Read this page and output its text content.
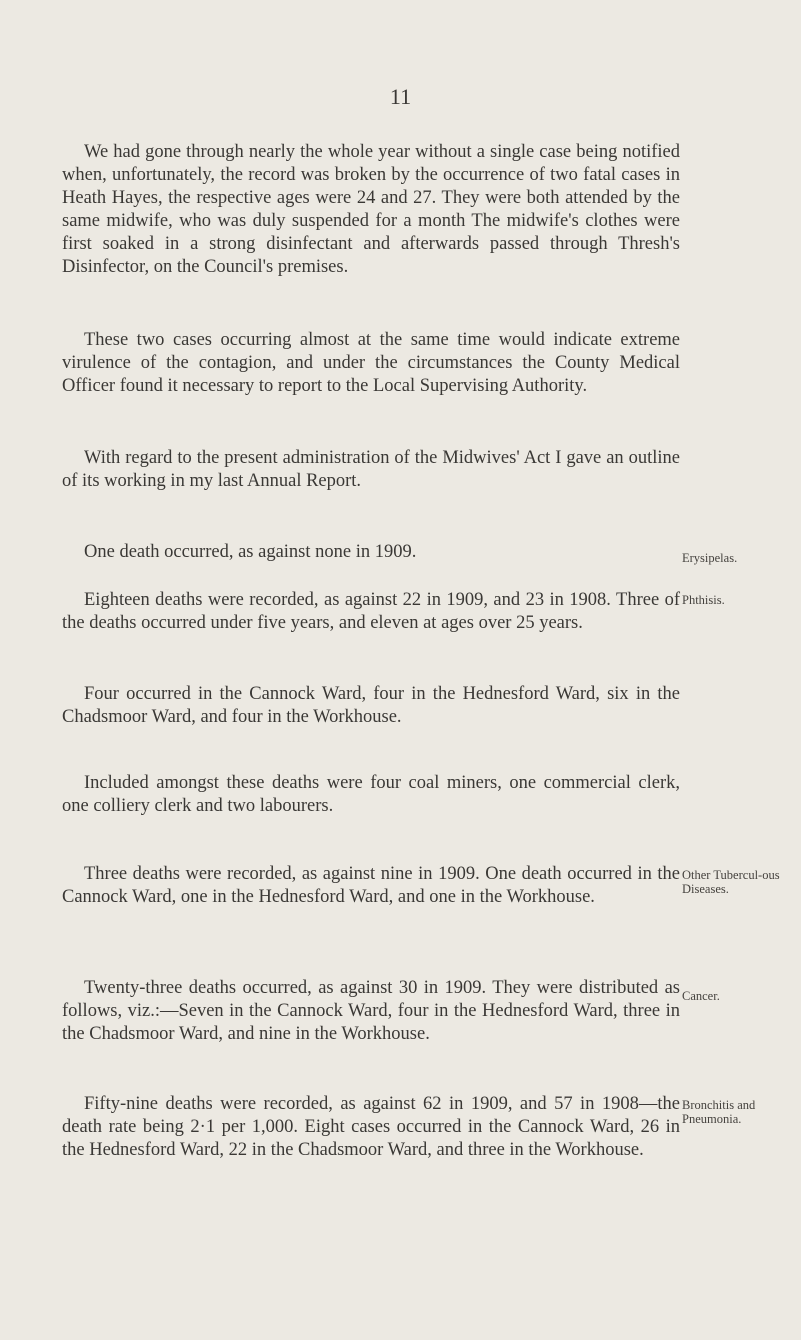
11

We had gone through nearly the whole year without a single case being notified when, unfortunately, the record was broken by the occurrence of two fatal cases in Heath Hayes, the respective ages were 24 and 27. They were both attended by the same midwife, who was duly suspended for a month The midwife's clothes were first soaked in a strong disinfectant and afterwards passed through Thresh's Disinfector, on the Council's premises.

These two cases occurring almost at the same time would indicate extreme virulence of the contagion, and under the circumstances the County Medical Officer found it necessary to report to the Local Supervising Authority.

With regard to the present administration of the Midwives' Act I gave an outline of its working in my last Annual Report.

One death occurred, as against none in 1909.	Erysipelas.

Eighteen deaths were recorded, as against 22 in 1909, and 23 in 1908. Three of the deaths occurred under five years, and eleven at ages over 25 years.

Phthisis.

Four occurred in the Cannock Ward, four in the Hednesford Ward, six in the Chadsmoor Ward, and four in the Workhouse.

Included amongst these deaths were four coal miners, one commercial clerk, one colliery clerk and two labourers.

Three deaths were recorded, as against nine in 1909. One death occurred in the Cannock Ward, one in the Hednesford Ward, and one in the Workhouse.

Other Tubercul-ous Diseases.

Twenty-three deaths occurred, as against 30 in 1909. They were distributed as follows, viz.:—Seven in the Cannock Ward, four in the Hednesford Ward, three in the Chadsmoor Ward, and nine in the Workhouse.

Cancer.

Fifty-nine deaths were recorded, as against 62 in 1909, and 57 in 1908—the death rate being 2·1 per 1,000. Eight cases occurred in the Cannock Ward, 26 in the Hednesford Ward, 22 in the Chadsmoor Ward, and three in the Workhouse.

Bronchitis and Pneumonia.
